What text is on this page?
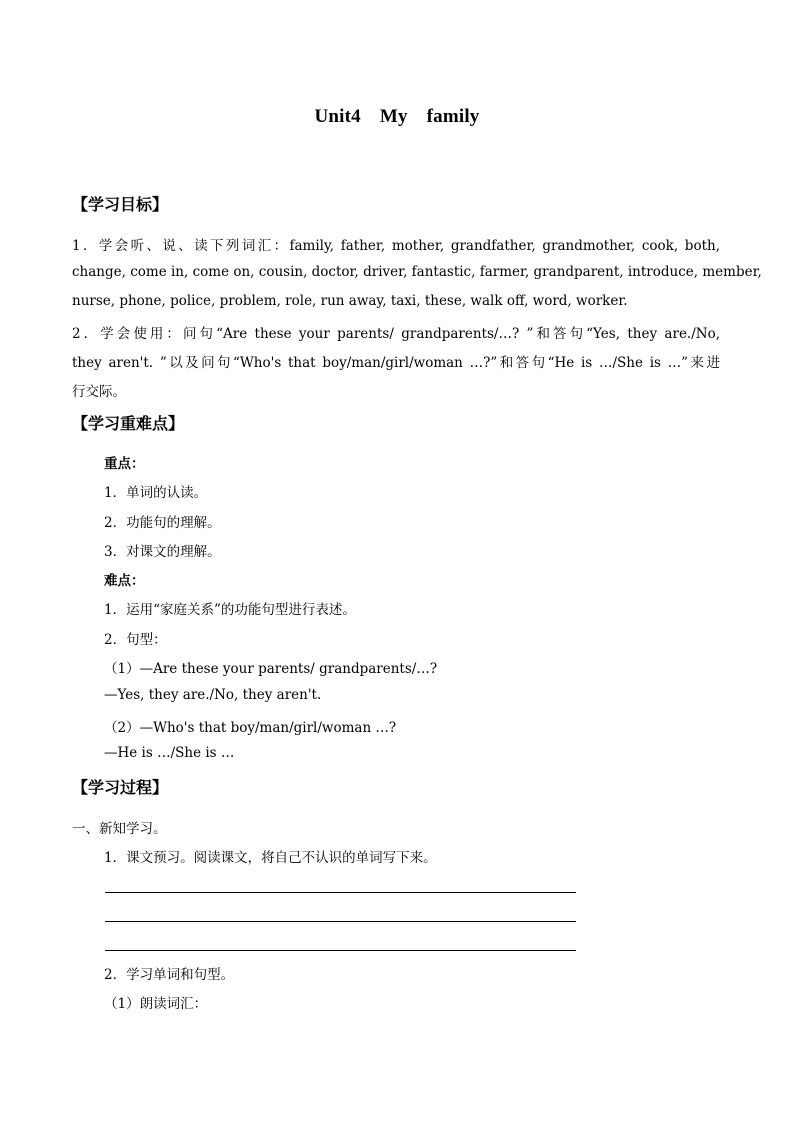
Unit4 My family
【学习目标】
1．学会听、说、读下列词汇：family, father, mother, grandfather, grandmother, cook, both,
change, come in, come on, cousin, doctor, driver, fantastic, farmer, grandparent, introduce, member,
nurse, phone, police, problem, role, run away, taxi, these, walk off, word, worker.
2．学会使用：问句“Are these your parents/ grandparents/…? ”和答句“Yes, they are./No,
they aren't. ”以及问句“Who's that boy/man/girl/woman …?”和答句“He is …/She is …”来进
行交际。
【学习重难点】
重点：
1．单词的认读。
2．功能句的理解。
3．对课文的理解。
难点：
1．运用“家庭关系”的功能句型进行表述。
2．句型：
（1）—Are these your parents/ grandparents/…?
—Yes, they are./No, they aren't.
（2）—Who's that boy/man/girl/woman …?
—He is …/She is …
【学习过程】
一、新知学习。
1．课文预习。阅读课文，将自己不认识的单词写下来。
2．学习单词和句型。
（1）朗读词汇：
